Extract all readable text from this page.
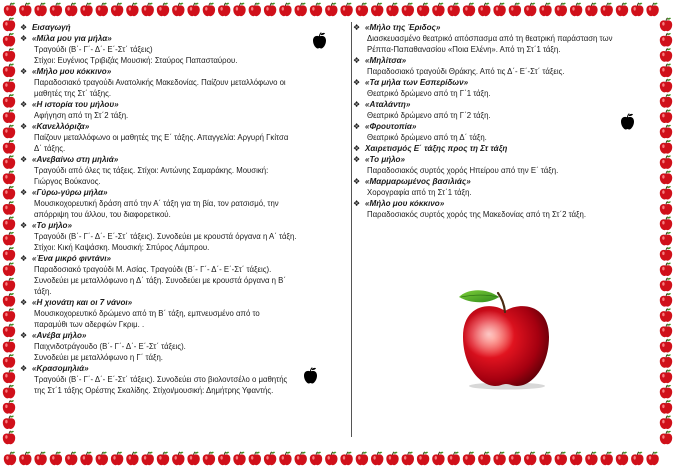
❖ Εισαγωγή
❖ «Μίλα μου για μήλα»

Τραγούδι (Β΄- Γ΄- Δ΄- Ε΄-Στ΄ τάξεις)

Στίχοι: Ευγένιος Τριβιζάς Μουσική: Σταύρος Παπασταύρου.

❖ «Μήλο μου κόκκινο»

Παραδοσιακό τραγούδι Ανατολικής Μακεδονίας. Παίζουν μεταλλόφωνο οι

μαθητές της Στ΄ τάξης.

❖ «Η ιστορία του μήλου»

Αφήγηση από τη Στ΄2 τάξη.

❖ «Κανελλόριζα»

Παίζουν μεταλλόφωνο οι μαθητές της Ε΄ τάξης. Απαγγελία: Αργυρή Γκίτσα

Δ΄ τάξης.

❖ «Ανεβαίνω στη μηλιά»

Τραγούδι από όλες τις τάξεις. Στίχοι: Αντώνης Σαμαράκης. Μουσική:

Γιώργος Βούκανος.

❖ «Γύρω-γύρω μήλα»

Μουσικοχορευτική δράση από την Α΄ τάξη για τη βία, τον ρατσισμό, την

απόρριψη του άλλου, του διαφορετικού.

❖ «Το μήλο»

Τραγούδι (Β΄- Γ΄- Δ΄- Ε΄-Στ΄ τάξεις). Συνοδεύει με κρουστά όργανα η Α΄ τάξη.

Στίχοι: Κική Καψάσκη. Μουσική: Σπύρος Λάμπρου.

❖ «Ένα μικρό φιντάνι»

Παραδοσιακό τραγούδι Μ. Ασίας. Τραγούδι (Β΄- Γ΄- Δ΄- Ε΄-Στ΄ τάξεις).

Συνοδεύει με μεταλλόφωνο η Δ΄ τάξη. Συνοδεύει με κρουστά όργανα η Β΄

τάξη.

❖ «Η χιονάτη και οι 7 νάνοι»

Μουσικοχορευτικό δρώμενο από τη Β΄ τάξη, εμπνευσμένο από το

παραμύθι των αδερφών Γκριμ. .

❖ «Ανέβα μήλο»

Παιχνιδοτράγουδο (Β΄- Γ΄- Δ΄- Ε΄-Στ΄ τάξεις).

Συνοδεύει με μεταλλόφωνο η Γ΄ τάξη.

❖ «Κρασομηλιά»

Τραγούδι (Β΄- Γ΄- Δ΄- Ε΄-Στ΄ τάξεις). Συνοδεύει στο βιολοντσέλο ο μαθητής

της Στ΄1 τάξης Ορέστης Σκαλίδης. Στίχοι/μουσική: Δημήτρης Υφαντής.

❖ «Μήλο της Έριδος»

Διασκευασμένο θεατρικό απόσπασμα από τη θεατρική παράσταση των

Ρέππα-Παπαθανασίου «Ποια Ελένη». Από τη Στ΄1 τάξη.

❖ «Μηλίτσα»

Παραδοσιακό τραγούδι Θράκης. Από τις Δ΄- Ε΄-Στ΄ τάξεις.

❖ «Τα μήλα των Εσπερίδων»

Θεατρικό δρώμενο από τη Γ΄1 τάξη.

❖ «Αταλάντη»

Θεατρικό δρώμενο από τη Γ΄2 τάξη.

❖ «Φρουτοπία»

Θεατρικό δρώμενο από τη Δ΄ τάξη.

❖ Χαιρετισμός Ε΄ τάξης προς τη Στ τάξη
❖ «Το μήλο»

Παραδοσιακός συρτός χορός Ηπείρου από την Ε΄ τάξη.

❖ «Μαρμαρωμένος βασιλιάς»

Χορογραφία από τη Στ΄1 τάξη.

❖ «Μήλο μου κόκκινο»

Παραδοσιακός συρτός χορός της Μακεδονίας από τη Στ΄2 τάξη.
